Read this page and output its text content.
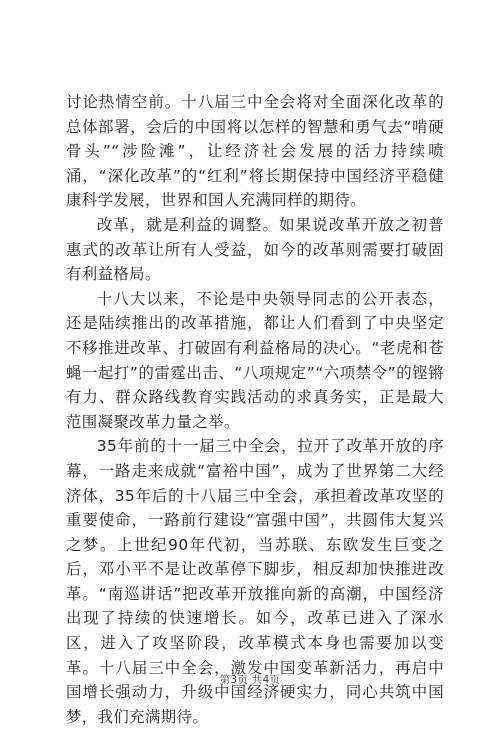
讨论热情空前。十八届三中全会将对全面深化改革的总体部署，会后的中国将以怎样的智慧和勇气去“啃硬骨头”“涉险滩”，让经济社会发展的活力持续喷涌，“深化改革”的“红利”将长期保持中国经济平稳健康科学发展，世界和国人充满同样的期待。

改革，就是利益的调整。如果说改革开放之初普惠式的改革让所有人受益，如今的改革则需要打破固有利益格局。

十八大以来，不论是中央领导同志的公开表态，还是陆续推出的改革措施，都让人们看到了中央坚定不移推进改革、打破固有利益格局的决心。“老虎和苍蝇一起打”的雷霆出击、“八项规定”“六项禁令”的铿锵有力、群众路线教育实践活动的求真务实，正是最大范围凝聚改革力量之举。

35年前的十一届三中全会，拉开了改革开放的序幕，一路走来成就“富裕中国”，成为了世界第二大经济体，35年后的十八届三中全会，承担着改革攻坚的重要使命，一路前行建设“富强中国”，共圆伟大复兴之梦。上世纪90年代初，当苏联、东欧发生巨变之后，邓小平不是让改革停下脚步，相反却加快推进改革。“南巡讲话”把改革开放推向新的高潮，中国经济出现了持续的快速增长。如今，改革已进入了深水区，进入了攻坚阶段，改革模式本身也需要加以变革。十八届三中全会，激发中国变革新活力，再启中国增长强动力，升级中国经济硬实力，同心共筑中国梦，我们充满期待。

第3页 共4页
